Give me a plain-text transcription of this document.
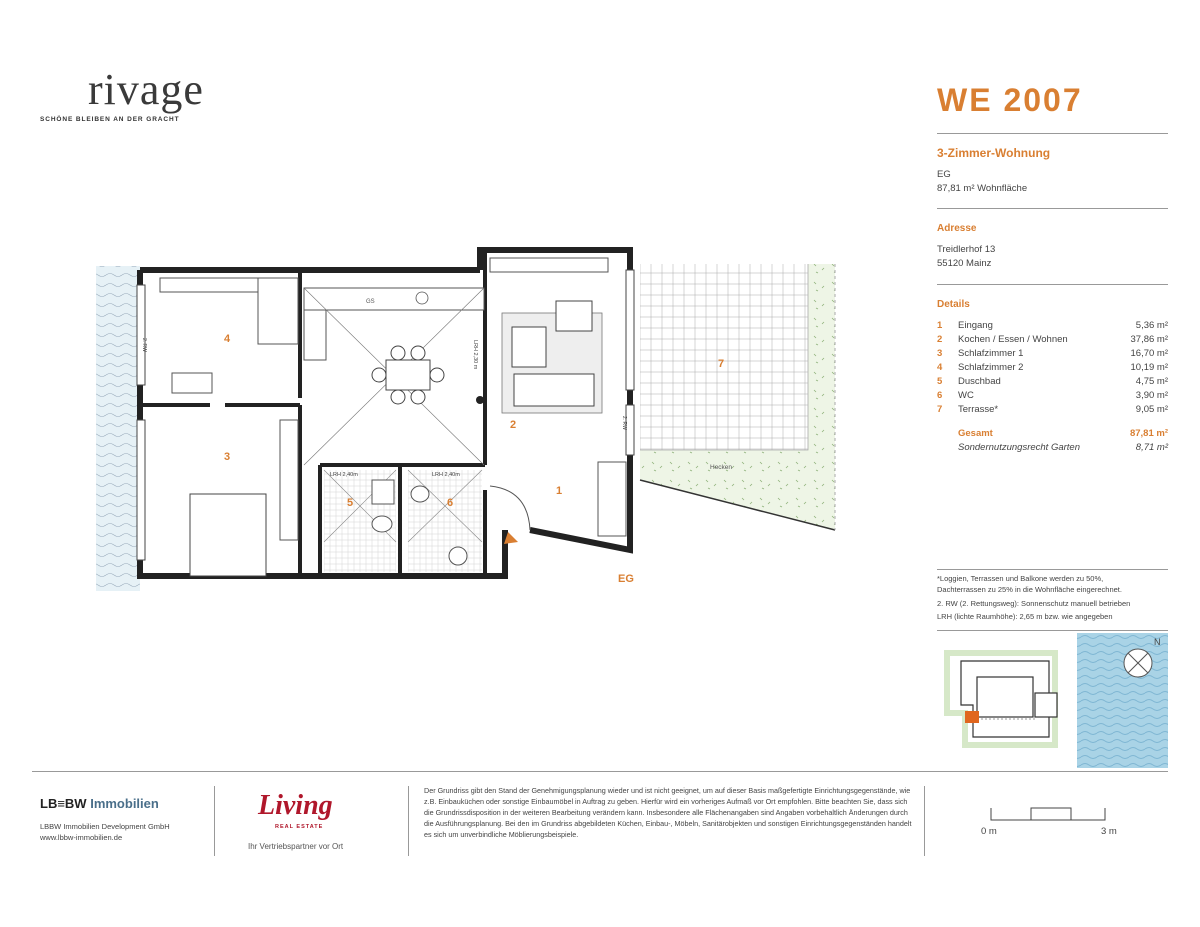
rivage
SCHÖNE BLEIBEN AN DER GRACHT
WE 2007
3-Zimmer-Wohnung
EG
87,81 m² Wohnfläche
Adresse
Treidlerhof 13
55120 Mainz
Details
1	Eingang	5,36 m²
2	Kochen / Essen / Wohnen	37,86 m²
3	Schlafzimmer 1	16,70 m²
4	Schlafzimmer 2	10,19 m²
5	Duschbad	4,75 m²
6	WC	3,90 m²
7	Terrasse*	9,05 m²
Gesamt	87,81 m²
Sondernutzungsrecht Garten	8,71 m²
*Loggien, Terrassen und Balkone werden zu 50%,
Dachterrassen zu 25% in die Wohnfläche eingerechnet.
2. RW (2. Rettungsweg): Sonnenschutz manuell betrieben
LRH (lichte Raumhöhe): 2,65 m bzw. wie angegeben
N
GS
LRH 2,30 m
LRH 2,40m	LRH 2,40m
2. RW
2. RW
1
2
3
4
5	6
7
EG
Hecken
LB≡BW Immobilien
LBBW Immobilien Development GmbH
www.lbbw-immobilien.de
Living
REAL ESTATE
Ihr Vertriebspartner vor Ort
Der Grundriss gibt den Stand der Genehmigungsplanung wieder und ist nicht geeignet, um auf dieser Basis maßgefertigte Einrichtungsgegenstände, wie z.B. Einbauküchen oder sonstige Einbaumöbel in Auftrag zu geben. Hierfür wird ein vorheriges Aufmaß vor Ort empfohlen. Bitte beachten Sie, dass sich die Grundrissdisposition in der weiteren Bearbeitung verändern kann. Insbesondere alle Flächenangaben sind Angaben vorbehaltlich Änderungen durch die Ausführungsplanung. Bei den im Grundriss abgebildeten Küchen, Einbau-, Möbeln, Sanitärobjekten und sonstigen Einrichtungsgegenständen handelt es sich um unverbindliche Möblierungsbeispiele.	0 m	3 m
